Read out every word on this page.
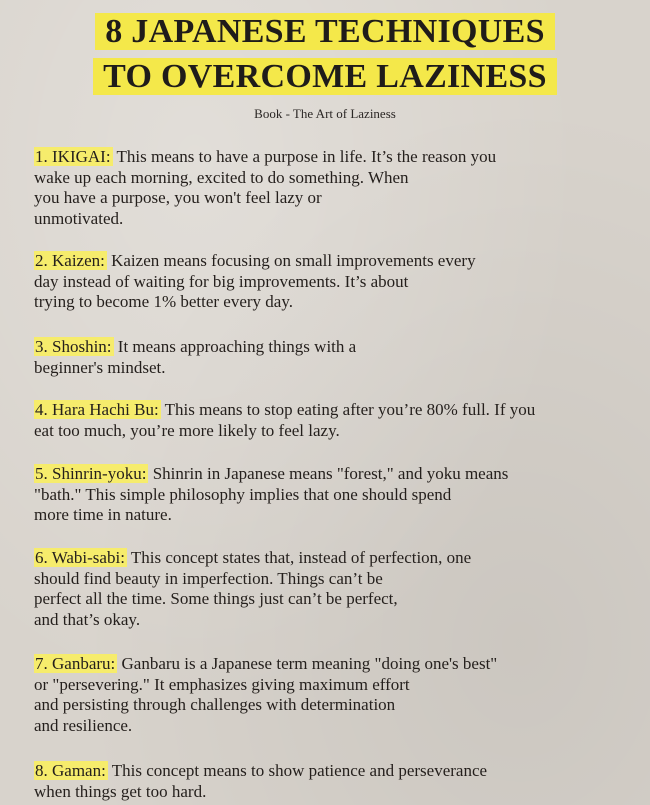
8 JAPANESE TECHNIQUES
TO OVERCOME LAZINESS
Book - The Art of Laziness
1. IKIGAI: This means to have a purpose in life. It’s the reason you
wake up each morning, excited to do something. When
you have a purpose, you won't feel lazy or
unmotivated.
2. Kaizen: Kaizen means focusing on small improvements every
day instead of waiting for big improvements. It’s about
trying to become 1% better every day.
3. Shoshin: It means approaching things with a
beginner's mindset.
4. Hara Hachi Bu: This means to stop eating after you’re 80% full. If you
eat too much, you’re more likely to feel lazy.
5. Shinrin-yoku: Shinrin in Japanese means "forest," and yoku means
"bath." This simple philosophy implies that one should spend
more time in nature.
6. Wabi-sabi: This concept states that, instead of perfection, one
should find beauty in imperfection. Things can’t be
perfect all the time. Some things just can’t be perfect,
and that’s okay.
7. Ganbaru: Ganbaru is a Japanese term meaning "doing one's best"
or "persevering." It emphasizes giving maximum effort
and persisting through challenges with determination
and resilience.
8. Gaman: This concept means to show patience and perseverance
when things get too hard.
